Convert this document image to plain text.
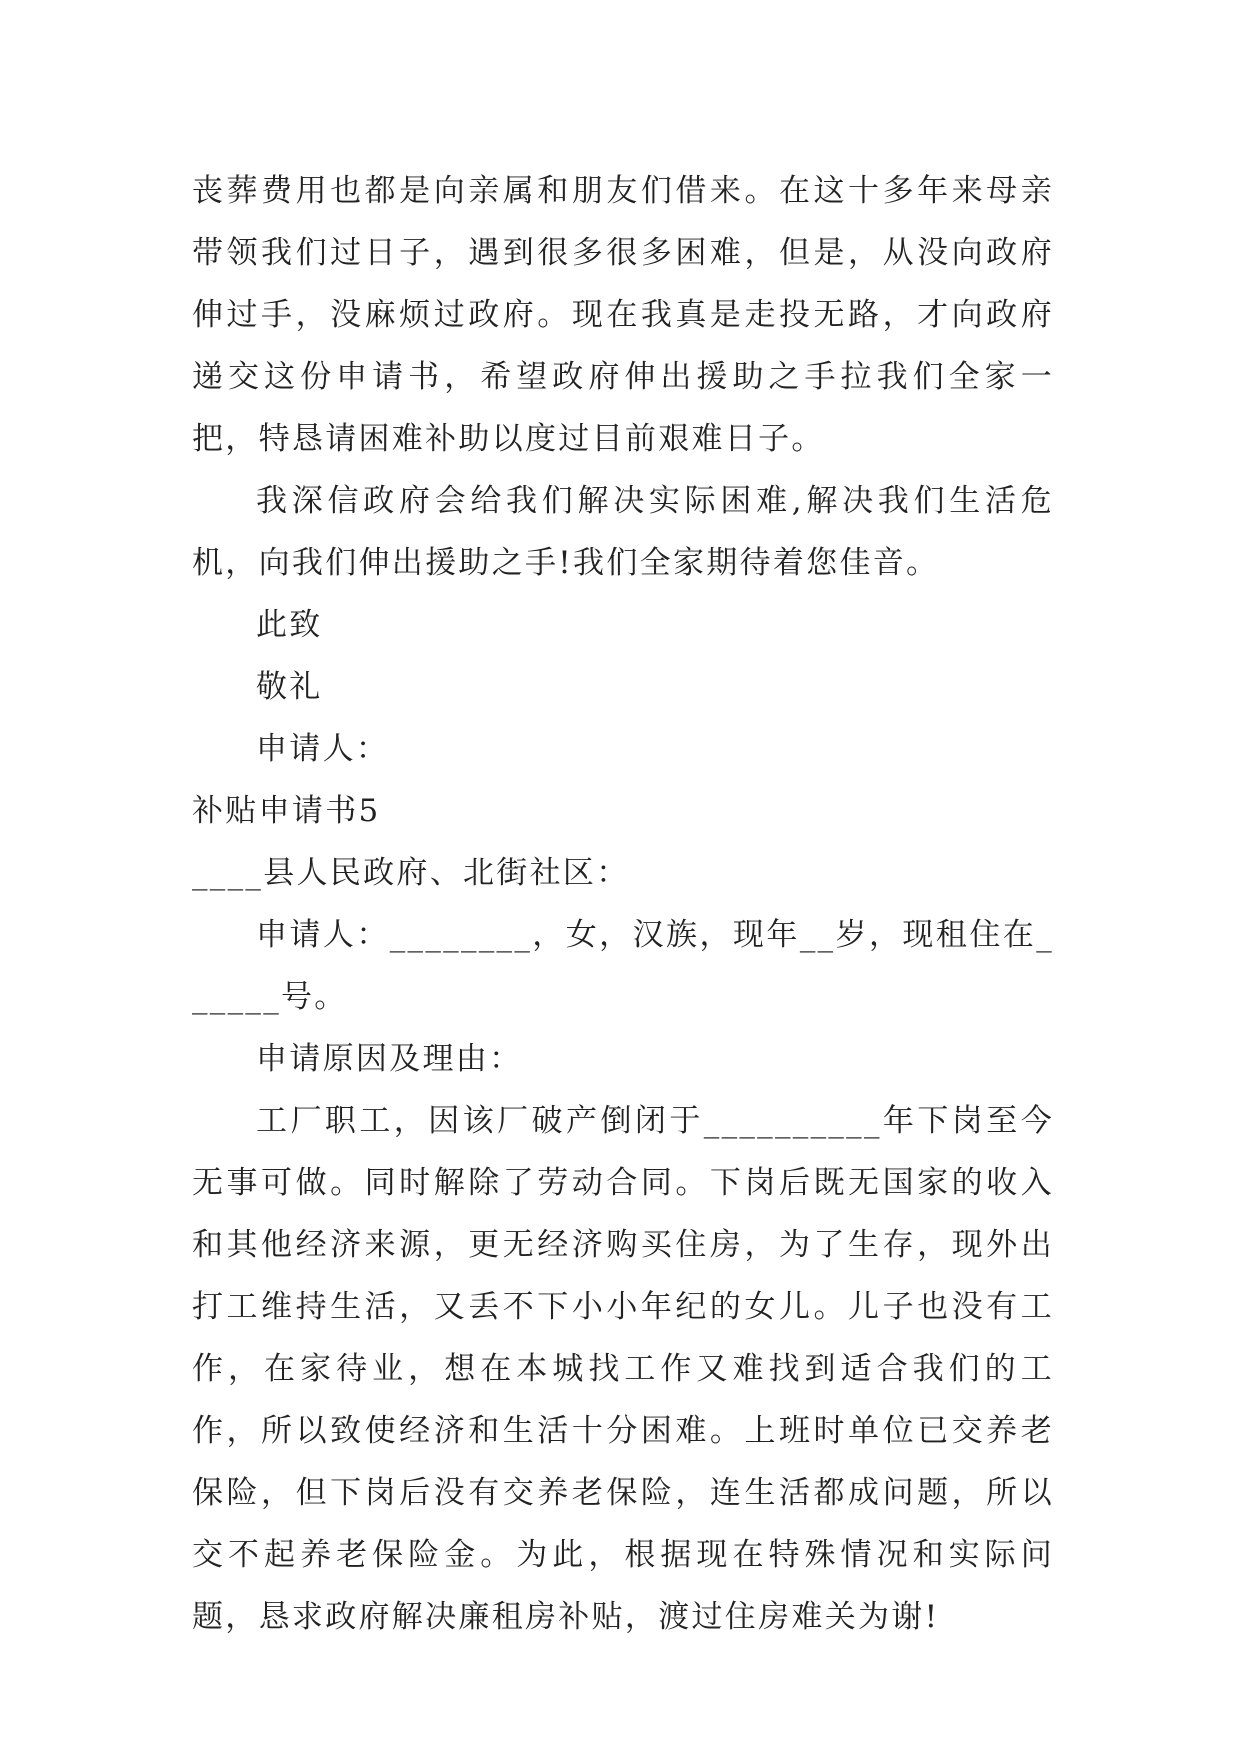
丧葬费用也都是向亲属和朋友们借来。在这十多年来母亲带领我们过日子，遇到很多很多困难，但是，从没向政府伸过手，没麻烦过政府。现在我真是走投无路，才向政府递交这份申请书，希望政府伸出援助之手拉我们全家一把，特恳请困难补助以度过目前艰难日子。

我深信政府会给我们解决实际困难,解决我们生活危机，向我们伸出援助之手!我们全家期待着您佳音。

此致

敬礼

申请人：

补贴申请书5

____县人民政府、北街社区：

申请人：________，女，汉族，现年__岁，现租住在______号。

申请原因及理由：

工厂职工，因该厂破产倒闭于__________年下岗至今无事可做。同时解除了劳动合同。下岗后既无国家的收入和其他经济来源，更无经济购买住房，为了生存，现外出打工维持生活，又丢不下小小年纪的女儿。儿子也没有工作，在家待业，想在本城找工作又难找到适合我们的工作，所以致使经济和生活十分困难。上班时单位已交养老保险，但下岗后没有交养老保险，连生活都成问题，所以交不起养老保险金。为此，根据现在特殊情况和实际问题，恳求政府解决廉租房补贴，渡过住房难关为谢!
